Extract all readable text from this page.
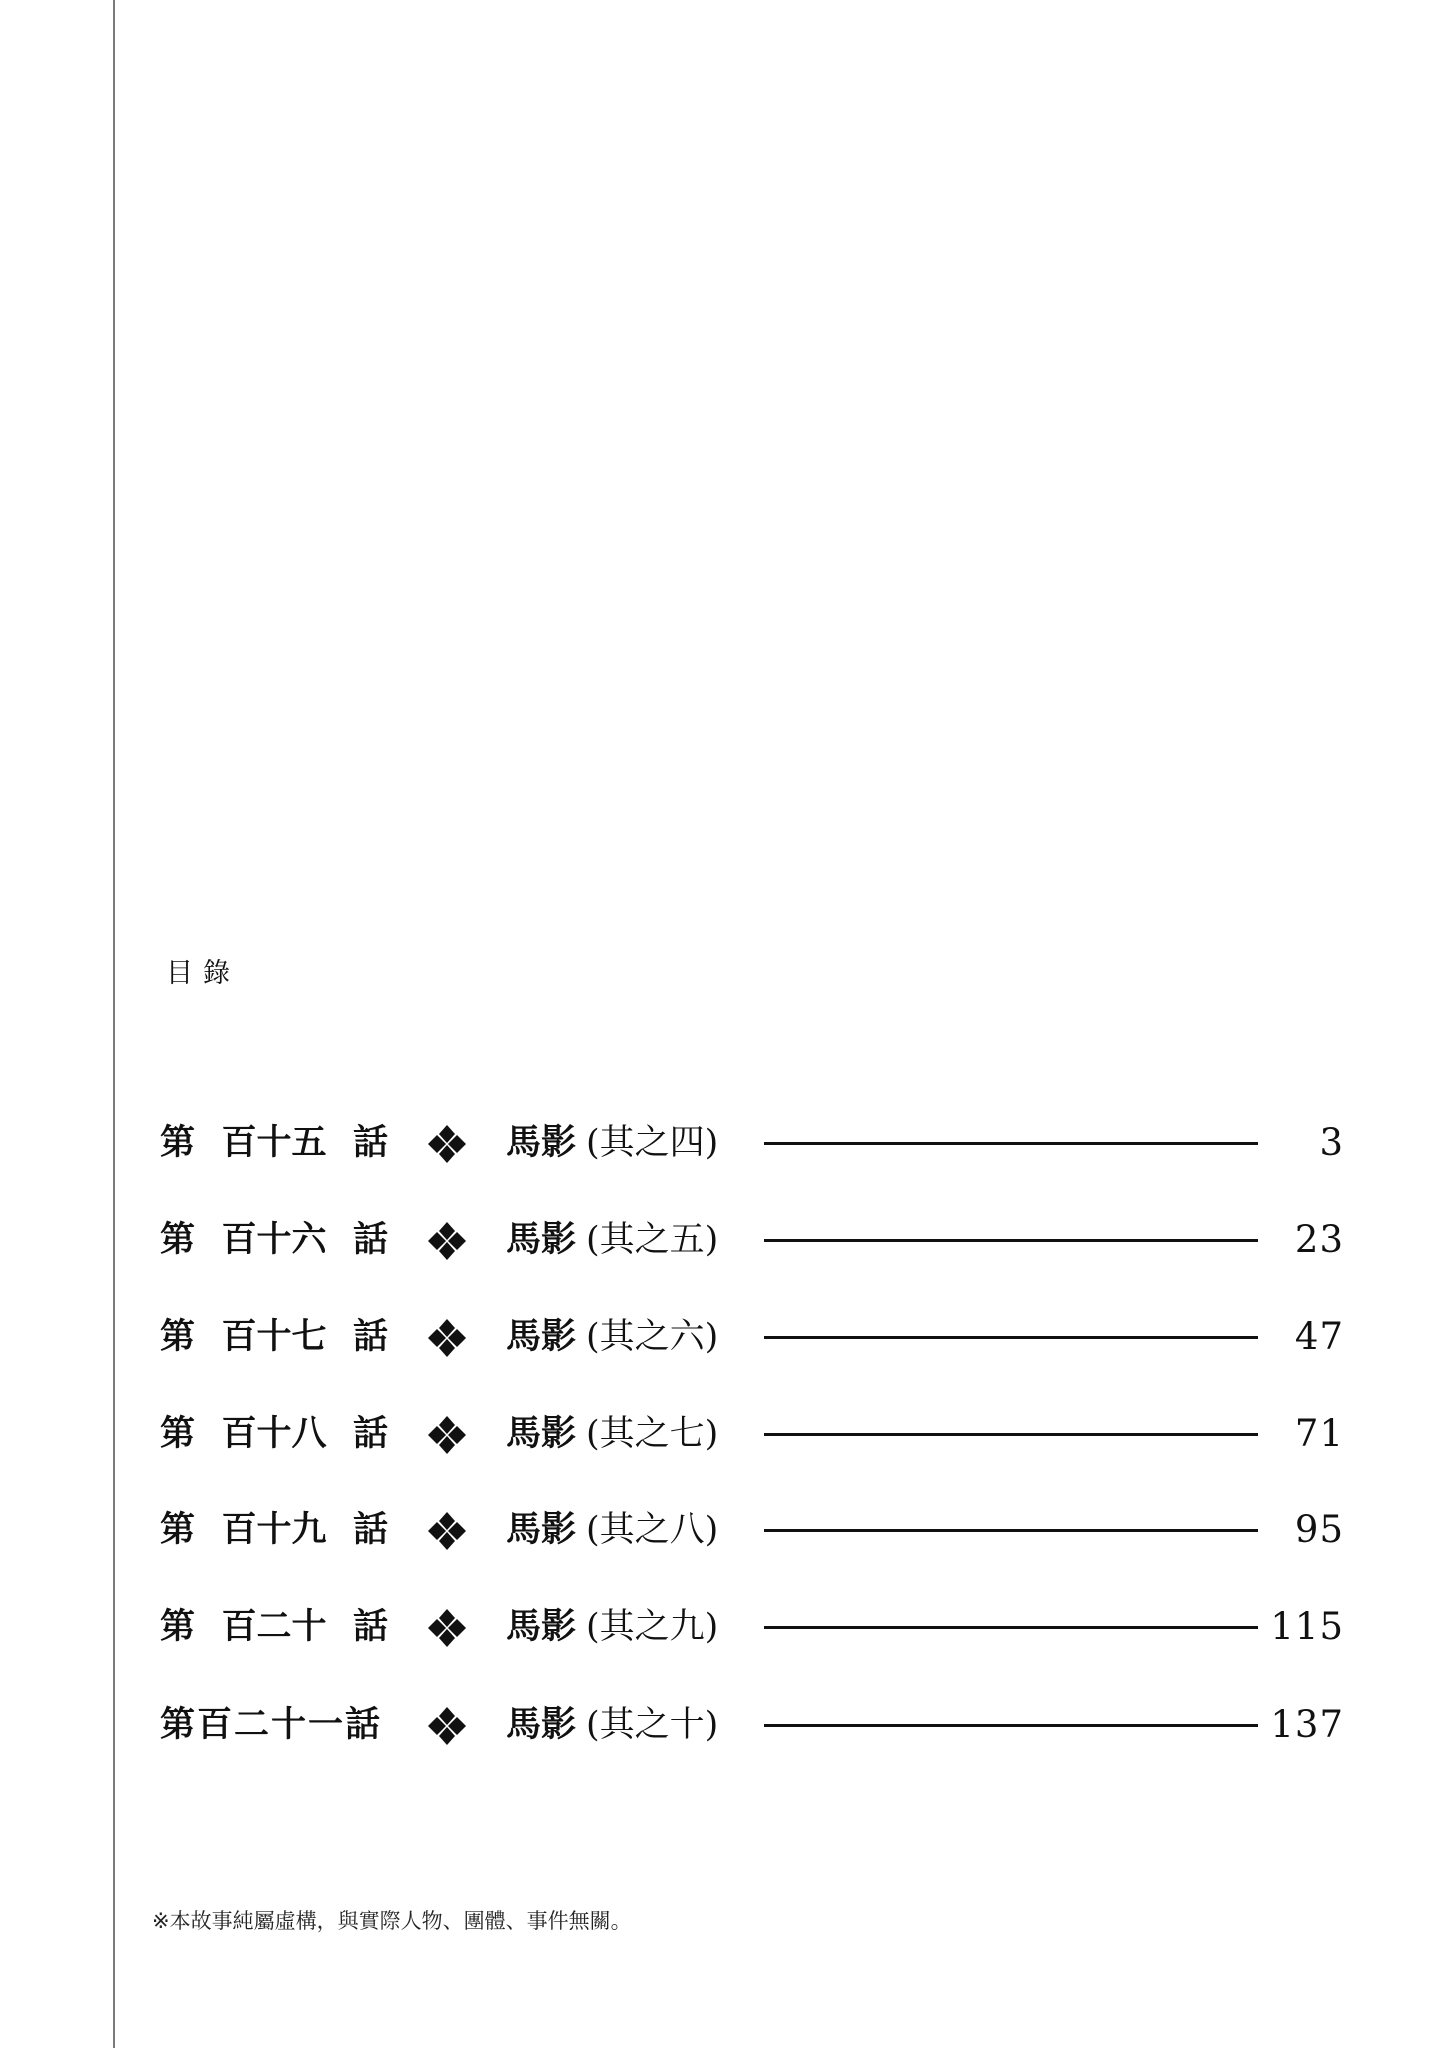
目錄
第 百十五 話	馬影 (其之四)	3
第 百十六 話	馬影 (其之五)	23
第 百十七 話	馬影 (其之六)	47
第 百十八 話	馬影 (其之七)	71
第 百十九 話	馬影 (其之八)	95
第 百二十 話	馬影 (其之九)	115
第百二十一話	馬影 (其之十)	137
※本故事純屬虛構，與實際人物、團體、事件無關。
